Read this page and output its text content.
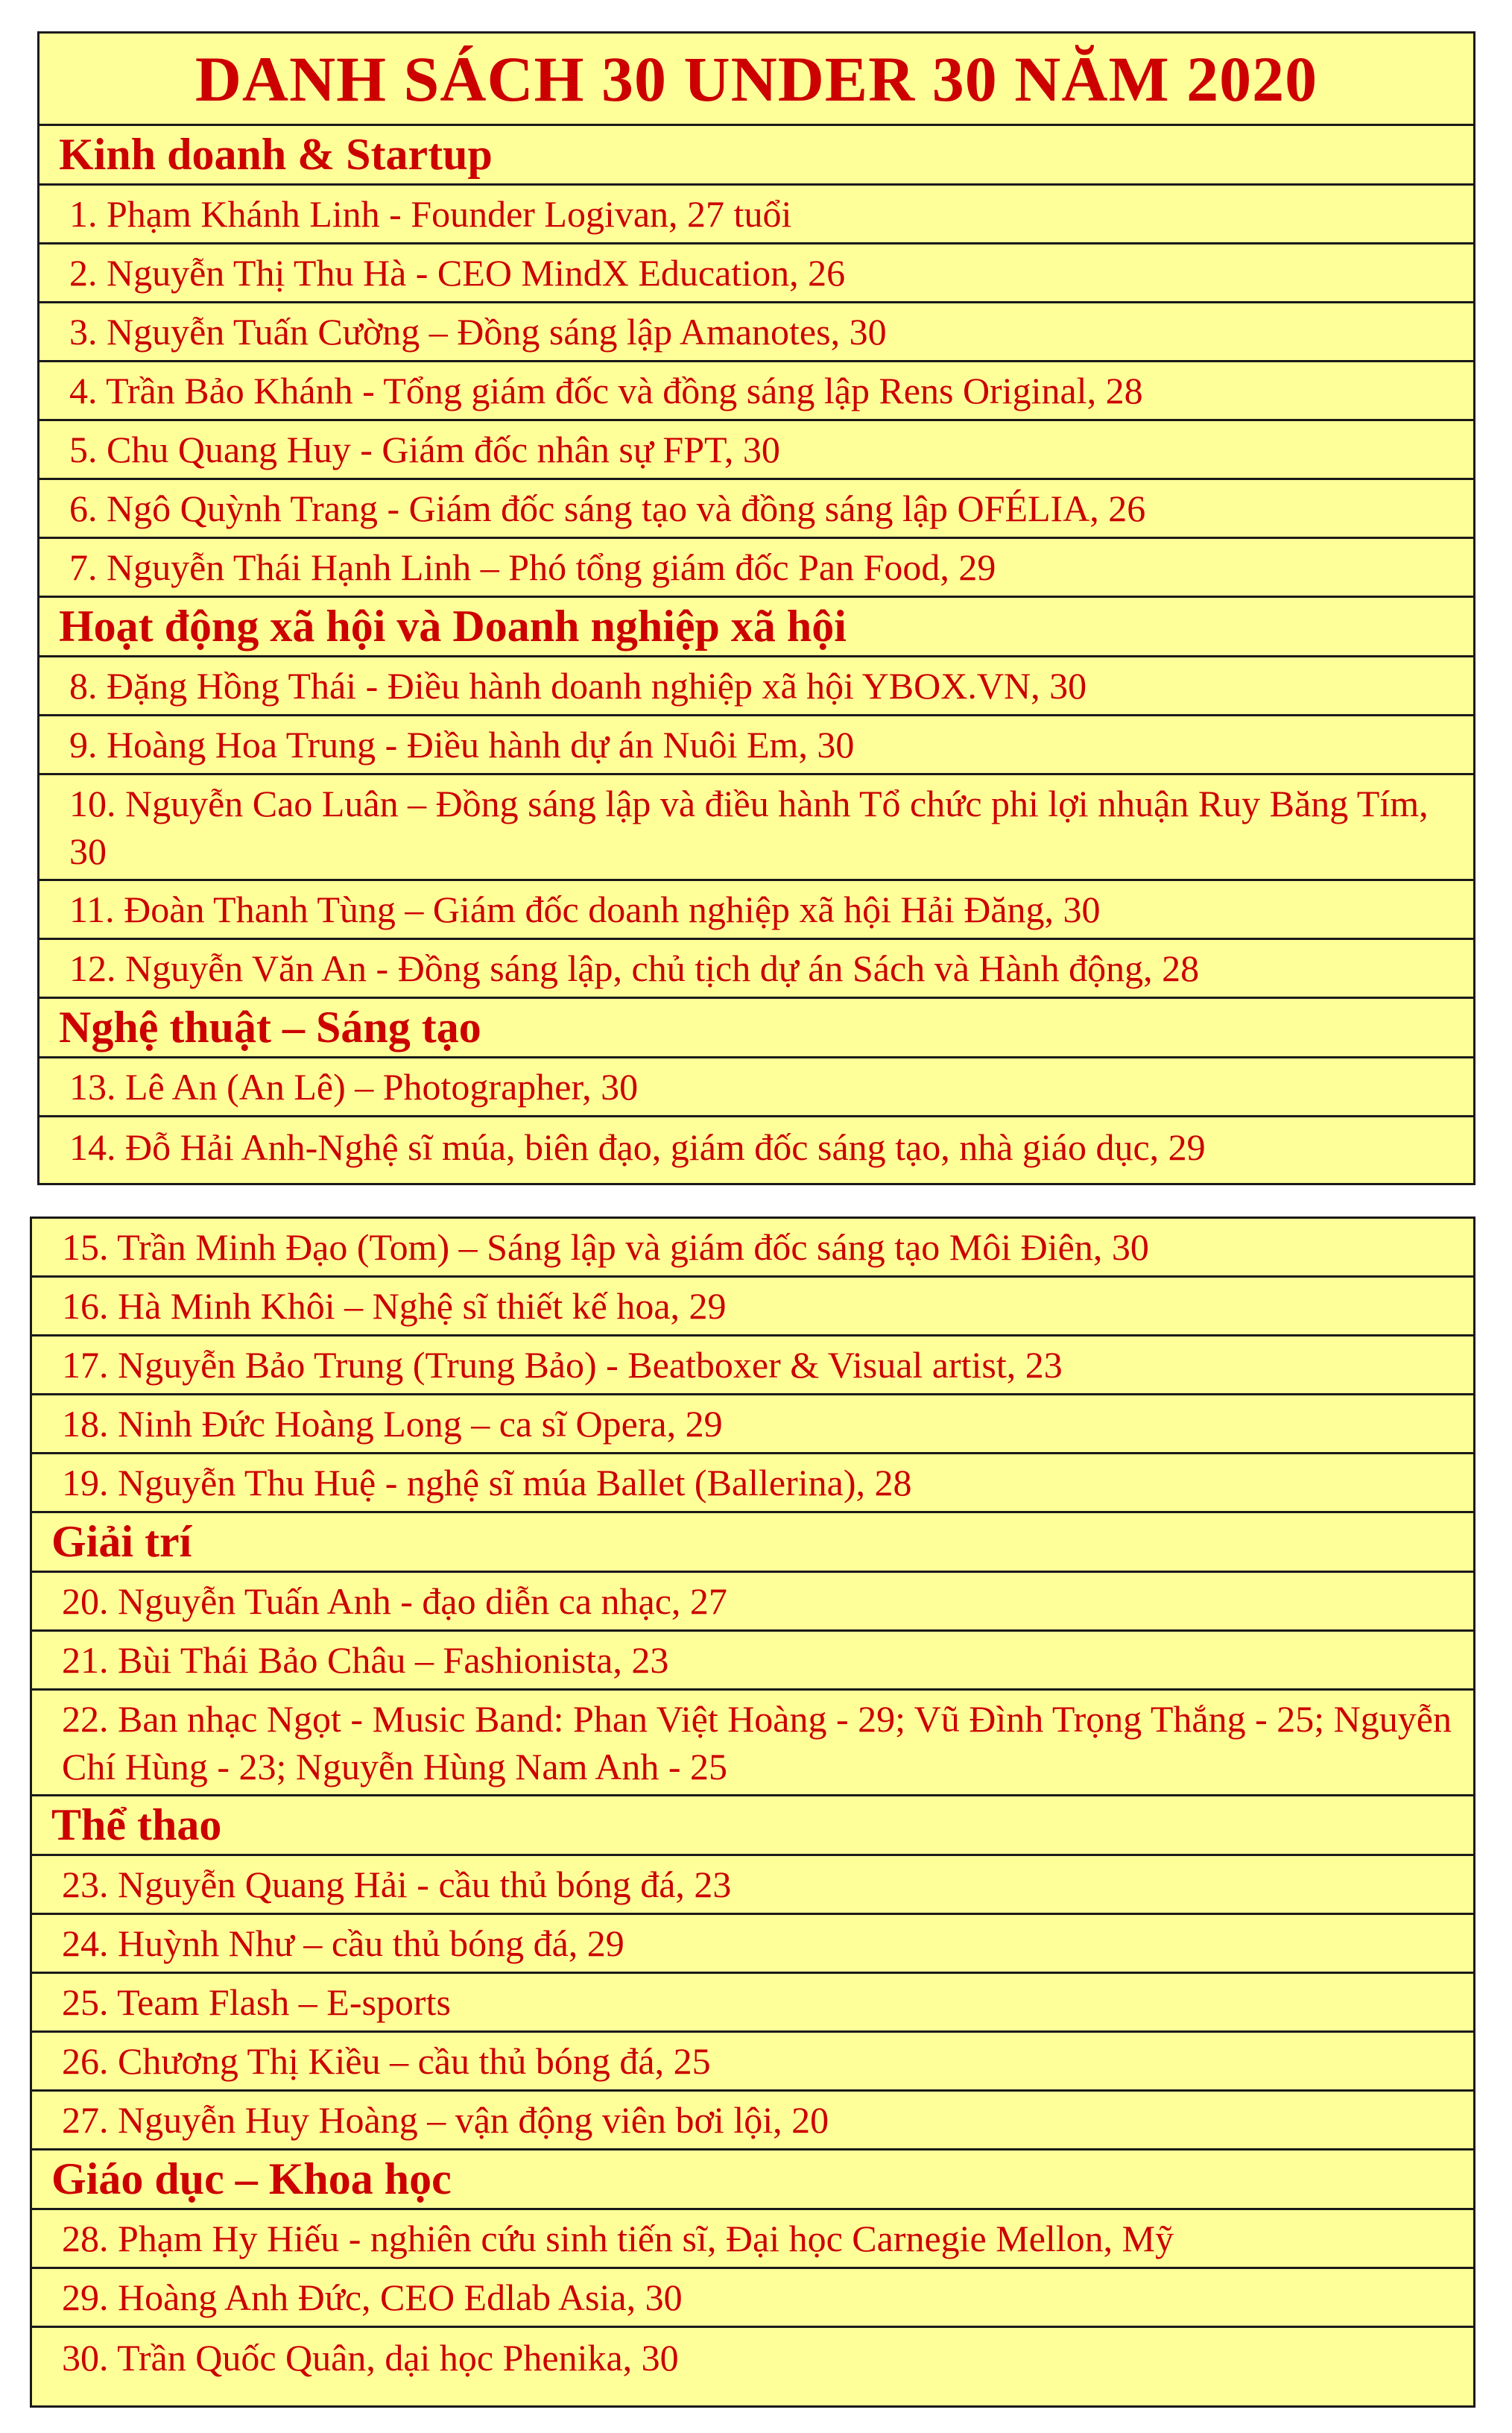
DANH SÁCH 30 UNDER 30 NĂM 2020
Kinh doanh & Startup
1. Phạm Khánh Linh - Founder Logivan, 27 tuổi
2. Nguyễn Thị Thu Hà - CEO MindX Education, 26
3. Nguyễn Tuấn Cường – Đồng sáng lập Amanotes, 30
4. Trần Bảo Khánh - Tổng giám đốc và đồng sáng lập Rens Original, 28
5. Chu Quang Huy - Giám đốc nhân sự FPT, 30
6. Ngô Quỳnh Trang - Giám đốc sáng tạo và đồng sáng lập OFÉLIA, 26
7. Nguyễn Thái Hạnh Linh – Phó tổng giám đốc Pan Food, 29
Hoạt động xã hội và Doanh nghiệp xã hội
8. Đặng Hồng Thái - Điều hành doanh nghiệp xã hội YBOX.VN, 30
9. Hoàng Hoa Trung - Điều hành dự án Nuôi Em, 30
10. Nguyễn Cao Luân – Đồng sáng lập và điều hành Tổ chức phi lợi nhuận Ruy Băng Tím, 30
11. Đoàn Thanh Tùng – Giám đốc doanh nghiệp xã hội Hải Đăng, 30
12. Nguyễn Văn An - Đồng sáng lập, chủ tịch dự án Sách và Hành động, 28
Nghệ thuật – Sáng tạo
13. Lê An (An Lê) – Photographer, 30
14. Đỗ Hải Anh-Nghệ sĩ múa, biên đạo, giám đốc sáng tạo, nhà giáo dục, 29
15. Trần Minh Đạo (Tom) – Sáng lập và giám đốc sáng tạo Môi Điên, 30
16. Hà Minh Khôi – Nghệ sĩ thiết kế hoa, 29
17. Nguyễn Bảo Trung (Trung Bảo) - Beatboxer & Visual artist, 23
18. Ninh Đức Hoàng Long – ca sĩ Opera, 29
19. Nguyễn Thu Huệ - nghệ sĩ múa Ballet (Ballerina), 28
Giải trí
20. Nguyễn Tuấn Anh - đạo diễn ca nhạc, 27
21. Bùi Thái Bảo Châu – Fashionista, 23
22. Ban nhạc Ngọt - Music Band: Phan Việt Hoàng - 29; Vũ Đình Trọng Thắng - 25; Nguyễn Chí Hùng - 23; Nguyễn Hùng Nam Anh - 25
Thể thao
23. Nguyễn Quang Hải - cầu thủ bóng đá, 23
24. Huỳnh Như – cầu thủ bóng đá, 29
25. Team Flash – E-sports
26. Chương Thị Kiều – cầu thủ bóng đá, 25
27. Nguyễn Huy Hoàng – vận động viên bơi lội, 20
Giáo dục – Khoa học
28. Phạm Hy Hiếu - nghiên cứu sinh tiến sĩ, Đại học Carnegie Mellon, Mỹ
29. Hoàng Anh Đức, CEO Edlab Asia, 30
30. Trần Quốc Quân, dại học Phenika, 30
